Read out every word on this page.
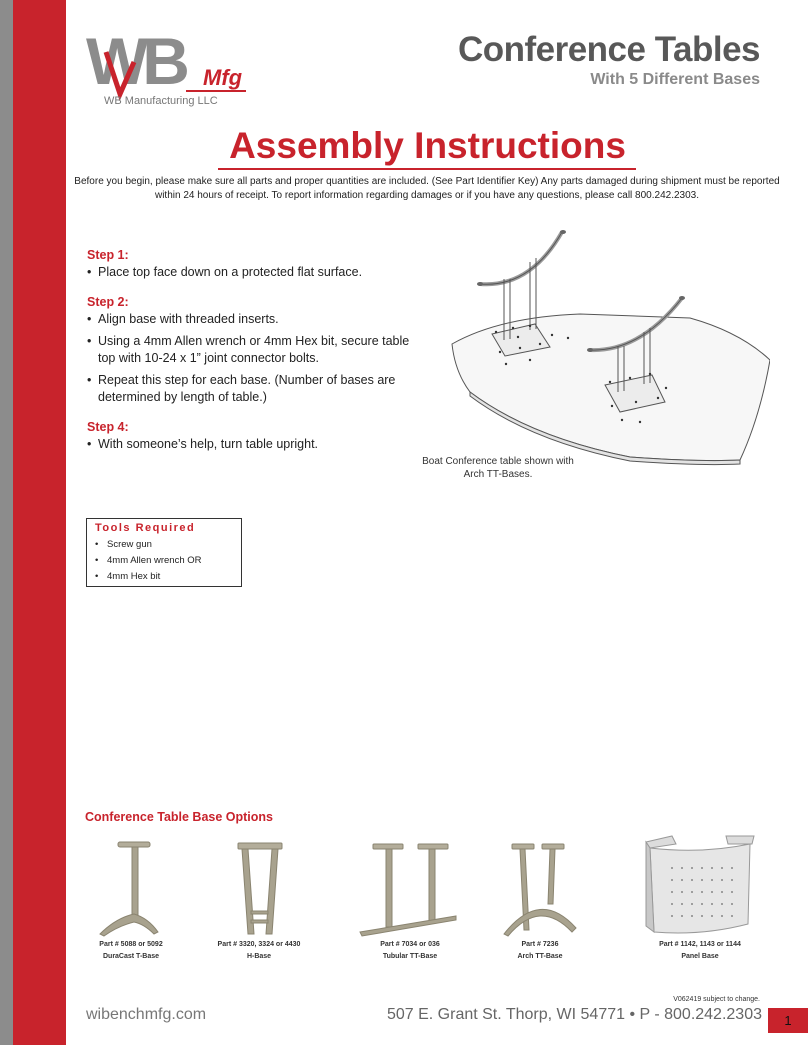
WB Mfg
WB Manufacturing LLC
Conference Tables
With 5 Different Bases
Assembly Instructions
Before you begin, please make sure all parts and proper quantities are included. (See Part Identifier Key) Any parts damaged during shipment must be reported within 24 hours of receipt. To report information regarding damages or if you have any questions, please call 800.242.2303.
Step 1:
• Place top face down on a protected flat surface.
Step 2:
• Align base with threaded inserts.
• Using a 4mm Allen wrench or 4mm Hex bit, secure table top with 10-24 x 1” joint connector bolts.
• Repeat this step for each base. (Number of bases are determined by length of table.)
Step 4:
• With someone’s help, turn table upright.
Boat Conference table shown with Arch TT-Bases.
Tools Required
• Screw gun
• 4mm Allen wrench OR
• 4mm Hex bit
Conference Table Base Options
Part # 5088 or 5092
DuraCast T-Base
Part # 3320, 3324 or 4430
H-Base
Part # 7034 or 036
Tubular TT-Base
Part # 7236
Arch TT-Base
Part # 1142, 1143 or 1144
Panel Base
wibenchmfg.com
V062419 subject to change.
507 E. Grant St. Thorp, WI 54771 • P - 800.242.2303	1
